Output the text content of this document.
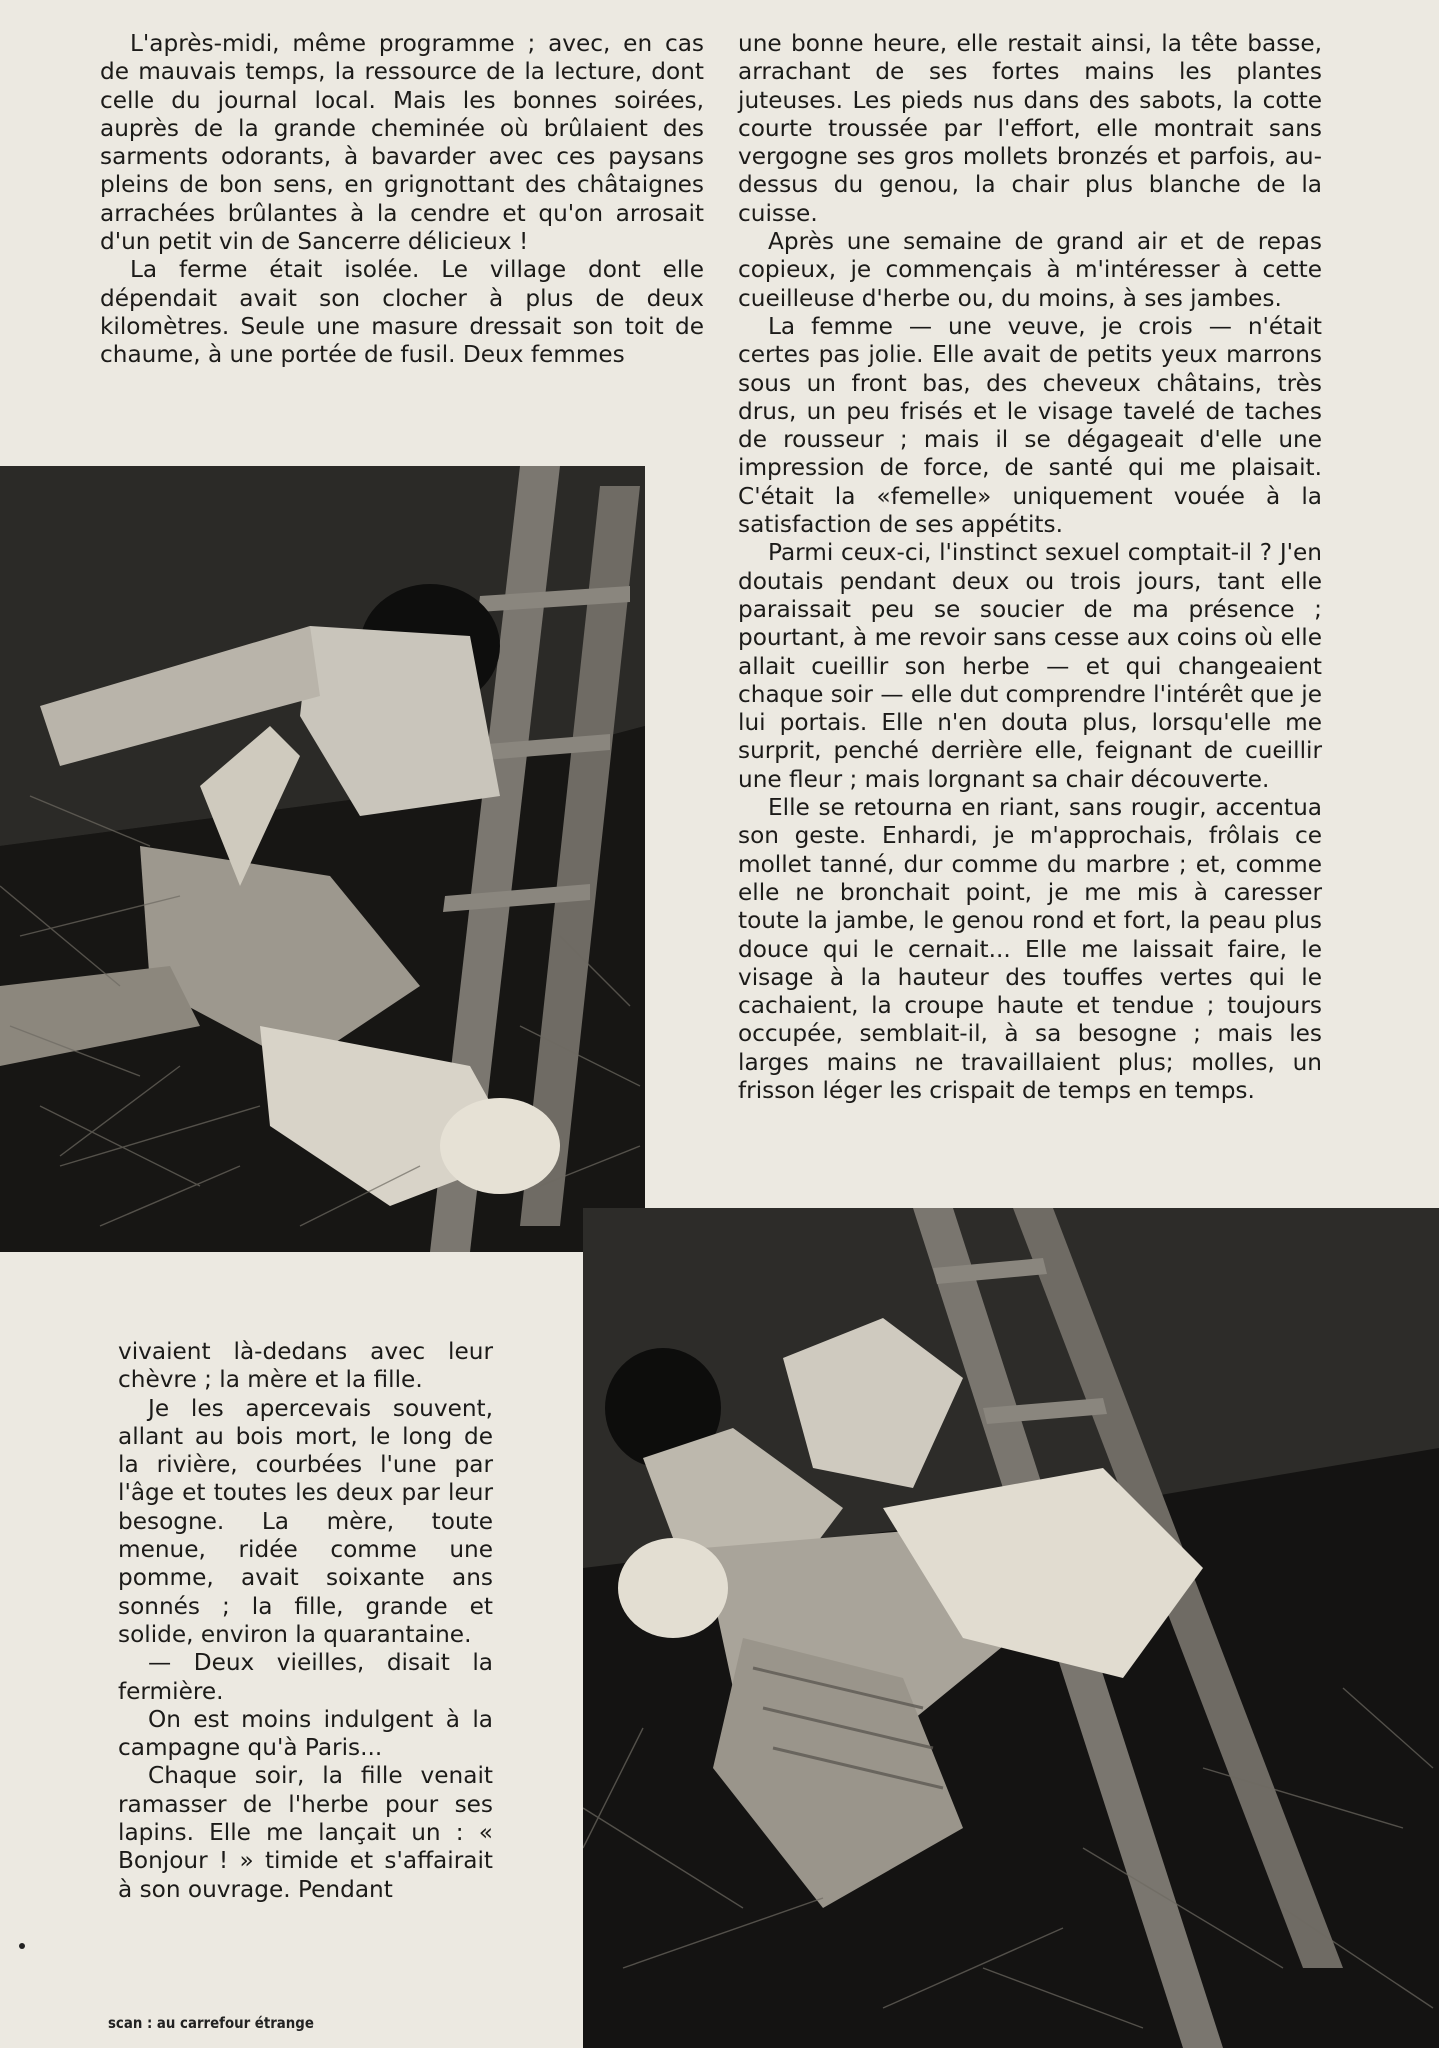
L'après-midi, même programme ; avec, en cas de mauvais temps, la ressource de la lecture, dont celle du journal local. Mais les bonnes soirées, auprès de la grande cheminée où brûlaient des sarments odorants, à bavarder avec ces paysans pleins de bon sens, en grignottant des châtaignes arrachées brûlantes à la cendre et qu'on arrosait d'un petit vin de Sancerre délicieux !

La ferme était isolée. Le village dont elle dépendait avait son clocher à plus de deux kilomètres. Seule une masure dressait son toit de chaume, à une portée de fusil. Deux femmes

une bonne heure, elle restait ainsi, la tête basse, arrachant de ses fortes mains les plantes juteuses. Les pieds nus dans des sabots, la cotte courte troussée par l'effort, elle montrait sans vergogne ses gros mollets bronzés et parfois, au-dessus du genou, la chair plus blanche de la cuisse.

Après une semaine de grand air et de repas copieux, je commençais à m'intéresser à cette cueilleuse d'herbe ou, du moins, à ses jambes.

La femme — une veuve, je crois — n'était certes pas jolie. Elle avait de petits yeux marrons sous un front bas, des cheveux châtains, très drus, un peu frisés et le visage tavelé de taches de rousseur ; mais il se dégageait d'elle une impression de force, de santé qui me plaisait. C'était la «femelle» uniquement vouée à la satisfaction de ses appétits.

Parmi ceux-ci, l'instinct sexuel comptait-il ? J'en doutais pendant deux ou trois jours, tant elle paraissait peu se soucier de ma présence ; pourtant, à me revoir sans cesse aux coins où elle allait cueillir son herbe — et qui changeaient chaque soir — elle dut comprendre l'intérêt que je lui portais. Elle n'en douta plus, lorsqu'elle me surprit, penché derrière elle, feignant de cueillir une fleur ; mais lorgnant sa chair découverte.

Elle se retourna en riant, sans rougir, accentua son geste. Enhardi, je m'approchais, frôlais ce mollet tanné, dur comme du marbre ; et, comme elle ne bronchait point, je me mis à caresser toute la jambe, le genou rond et fort, la peau plus douce qui le cernait... Elle me laissait faire, le visage à la hauteur des touffes vertes qui le cachaient, la croupe haute et tendue ; toujours occupée, semblait-il, à sa besogne ; mais les larges mains ne travaillaient plus; molles, un frisson léger les crispait de temps en temps.

vivaient là-dedans avec leur chèvre ; la mère et la fille.

Je les apercevais souvent, allant au bois mort, le long de la rivière, courbées l'une par l'âge et toutes les deux par leur besogne. La mère, toute menue, ridée comme une pomme, avait soixante ans sonnés ; la fille, grande et solide, environ la quarantaine.

— Deux vieilles, disait la fermière.

On est moins indulgent à la campagne qu'à Paris...

Chaque soir, la fille venait ramasser de l'herbe pour ses lapins. Elle me lançait un : « Bonjour ! » timide et s'affairait à son ouvrage. Pendant

scan : au carrefour étrange
